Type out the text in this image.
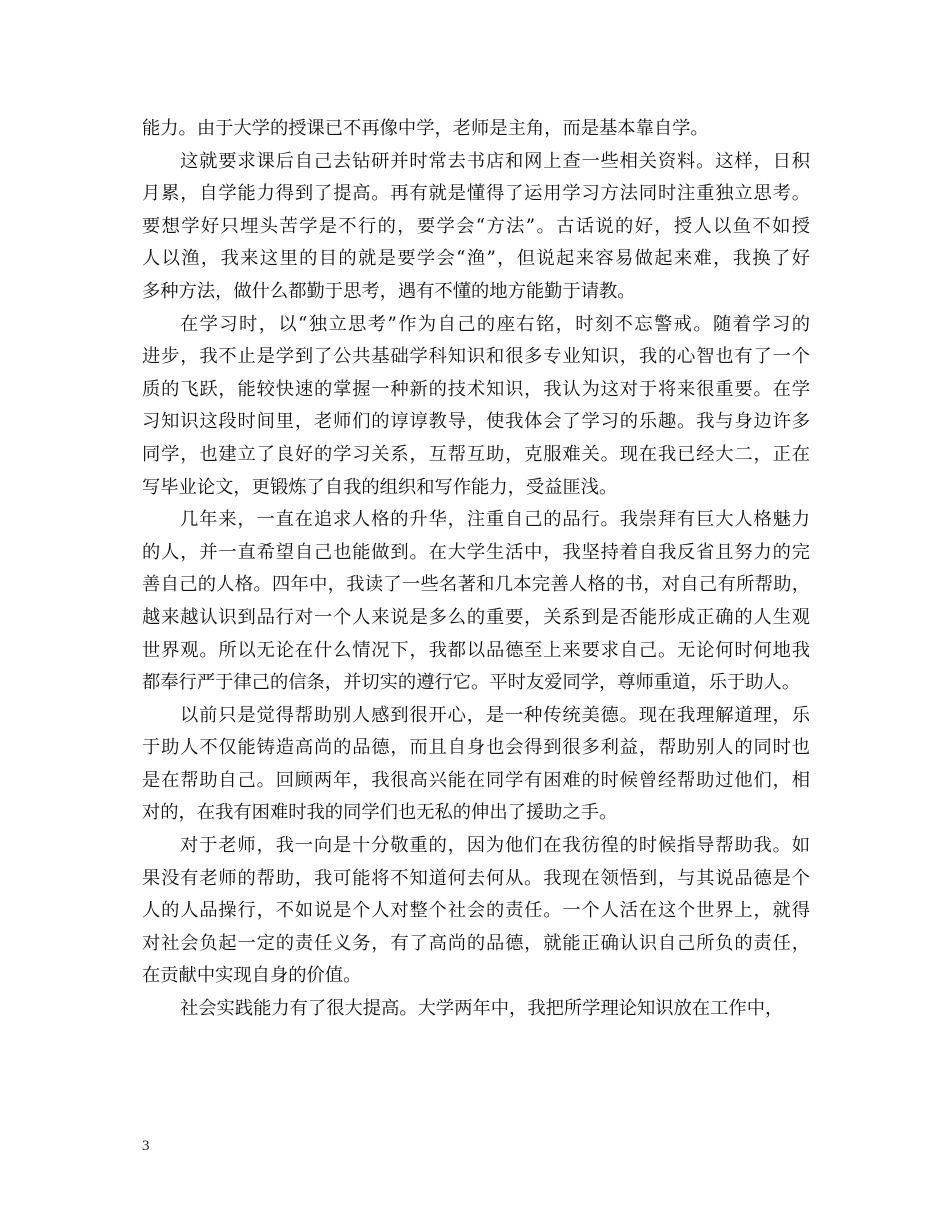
能力。由于大学的授课已不再像中学，老师是主角，而是基本靠自学。
这就要求课后自己去钻研并时常去书店和网上查一些相关资料。这样，日积
月累，自学能力得到了提高。再有就是懂得了运用学习方法同时注重独立思考。
要想学好只埋头苦学是不行的，要学会“方法”。古话说的好，授人以鱼不如授
人以渔，我来这里的目的就是要学会“渔”，但说起来容易做起来难，我换了好
多种方法，做什么都勤于思考，遇有不懂的地方能勤于请教。
在学习时，以“独立思考”作为自己的座右铭，时刻不忘警戒。随着学习的
进步，我不止是学到了公共基础学科知识和很多专业知识，我的心智也有了一个
质的飞跃，能较快速的掌握一种新的技术知识，我认为这对于将来很重要。在学
习知识这段时间里，老师们的谆谆教导，使我体会了学习的乐趣。我与身边许多
同学，也建立了良好的学习关系，互帮互助，克服难关。现在我已经大二，正在
写毕业论文，更锻炼了自我的组织和写作能力，受益匪浅。
几年来，一直在追求人格的升华，注重自己的品行。我崇拜有巨大人格魅力
的人，并一直希望自己也能做到。在大学生活中，我坚持着自我反省且努力的完
善自己的人格。四年中，我读了一些名著和几本完善人格的书，对自己有所帮助，
越来越认识到品行对一个人来说是多么的重要，关系到是否能形成正确的人生观
世界观。所以无论在什么情况下，我都以品德至上来要求自己。无论何时何地我
都奉行严于律己的信条，并切实的遵行它。平时友爱同学，尊师重道，乐于助人。
以前只是觉得帮助别人感到很开心，是一种传统美德。现在我理解道理，乐
于助人不仅能铸造高尚的品德，而且自身也会得到很多利益，帮助别人的同时也
是在帮助自己。回顾两年，我很高兴能在同学有困难的时候曾经帮助过他们，相
对的，在我有困难时我的同学们也无私的伸出了援助之手。
对于老师，我一向是十分敬重的，因为他们在我彷徨的时候指导帮助我。如
果没有老师的帮助，我可能将不知道何去何从。我现在领悟到，与其说品德是个
人的人品操行，不如说是个人对整个社会的责任。一个人活在这个世界上，就得
对社会负起一定的责任义务，有了高尚的品德，就能正确认识自己所负的责任，
在贡献中实现自身的价值。
社会实践能力有了很大提高。大学两年中，我把所学理论知识放在工作中，
3
